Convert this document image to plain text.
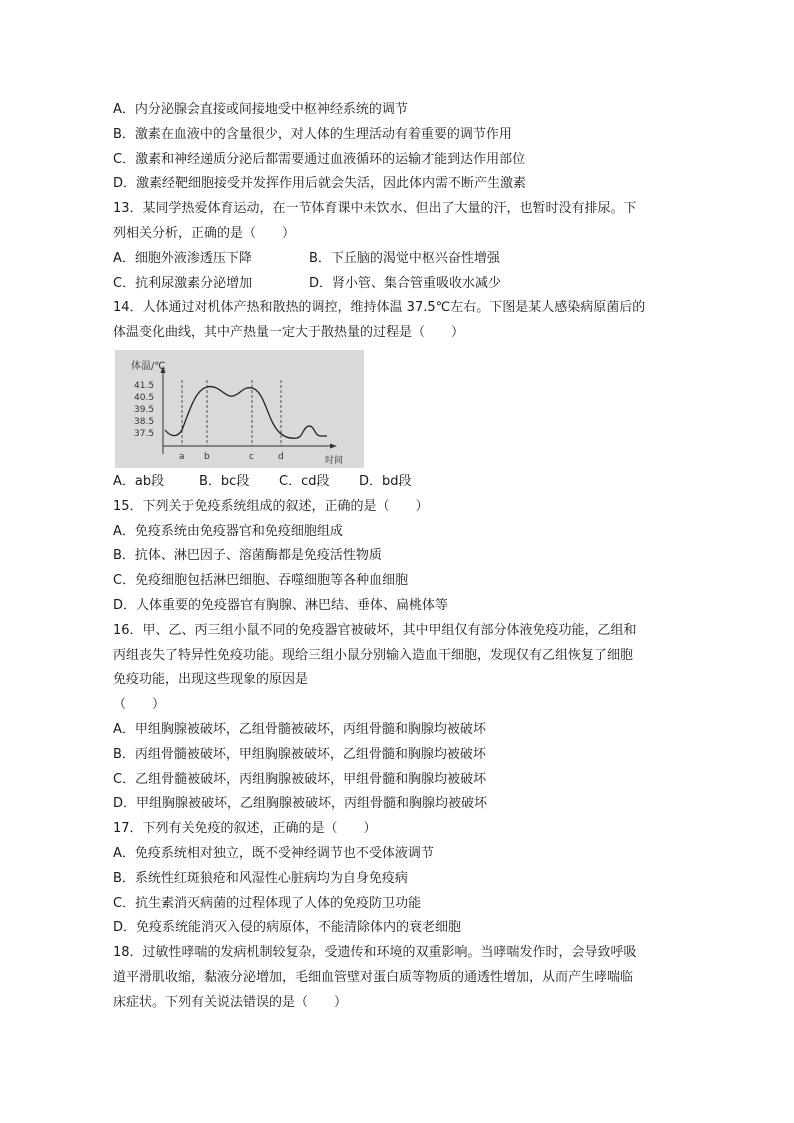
A．内分泌腺会直接或间接地受中枢神经系统的调节
B．激素在血液中的含量很少，对人体的生理活动有着重要的调节作用
C．激素和神经递质分泌后都需要通过血液循环的运输才能到达作用部位
D．激素经靶细胞接受并发挥作用后就会失活，因此体内需不断产生激素
13．某同学热爱体育运动，在一节体育课中未饮水、但出了大量的汗，也暂时没有排尿。下
列相关分析，正确的是（　　）
A．细胞外液渗透压下降	B．下丘脑的渴觉中枢兴奋性增强
C．抗利尿激素分泌增加	D．肾小管、集合管重吸收水减少
14．人体通过对机体产热和散热的调控，维持体温 37.5℃左右。下图是某人感染病原菌后的
体温变化曲线，其中产热量一定大于散热量的过程是（　　）
体温/℃
时间
41.5
40.5
39.5
38.5
37.5
a b	c	d
A．ab段	B．bc段	C．cd段	D．bd段
15．下列关于免疫系统组成的叙述，正确的是（　　）
A．免疫系统由免疫器官和免疫细胞组成
B．抗体、淋巴因子、溶菌酶都是免疫活性物质
C．免疫细胞包括淋巴细胞、吞噬细胞等各种血细胞
D．人体重要的免疫器官有胸腺、淋巴结、垂体、扁桃体等
16．甲、乙、丙三组小鼠不同的免疫器官被破坏，其中甲组仅有部分体液免疫功能，乙组和
丙组丧失了特异性免疫功能。现给三组小鼠分别输入造血干细胞，发现仅有乙组恢复了细胞
免疫功能，出现这些现象的原因是
（　　）
A．甲组胸腺被破坏，乙组骨髓被破坏，丙组骨髓和胸腺均被破坏
B．丙组骨髓被破坏，甲组胸腺被破坏，乙组骨髓和胸腺均被破坏
C．乙组骨髓被破坏，丙组胸腺被破坏，甲组骨髓和胸腺均被破坏
D．甲组胸腺被破坏，乙组胸腺被破坏，丙组骨髓和胸腺均被破坏
17．下列有关免疫的叙述，正确的是（　　）
A．免疫系统相对独立，既不受神经调节也不受体液调节
B．系统性红斑狼疮和风湿性心脏病均为自身免疫病
C．抗生素消灭病菌的过程体现了人体的免疫防卫功能
D．免疫系统能消灭入侵的病原体，不能清除体内的衰老细胞
18．过敏性哮喘的发病机制较复杂，受遗传和环境的双重影响。当哮喘发作时，会导致呼吸
道平滑肌收缩，黏液分泌增加，毛细血管壁对蛋白质等物质的通透性增加，从而产生哮喘临
床症状。下列有关说法错误的是（　　）
